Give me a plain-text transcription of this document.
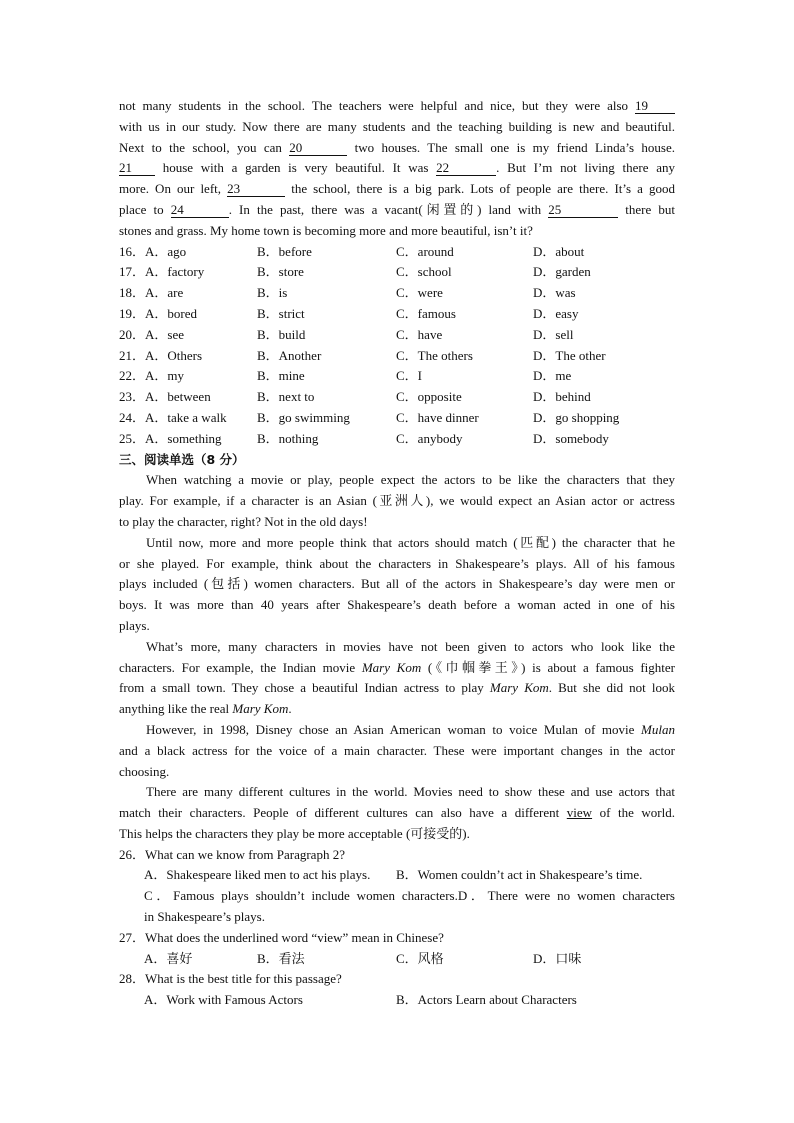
not many students in the school. The teachers were helpful and nice, but they were also 19
with us in our study. Now there are many students and the teaching building is new and beautiful.
Next to the school, you can 20	two houses. The small one is my friend Linda’s house.
21 house with a garden is very beautiful. It was 22	. But I’m not living there any
more. On our left, 23	the school, there is a big park. Lots of people are there. It’s a good
place to 24	. In the past, there was a vacant(闲置的) land with 25	there but
stones and grass. My home town is becoming more and more beautiful, isn’t it?
16．A．ago	B．before	C．around	D．about
17．A．factory	B．store	C．school	D．garden
18．A．are	B．is	C．were	D．was
19．A．bored	B．strict	C．famous	D．easy
20．A．see	B．build	C．have	D．sell
21．A．Others	B．Another	C．The others	D．The other
22．A．my	B．mine	C．I	D．me
23．A．between	B．next to	C．opposite	D．behind
24．A．take a walk B．go swimming	C．have dinner	D．go shopping
25．A．something	B．nothing	C．anybody	D．somebody
三、阅读单选（8 分）
When watching a movie or play, people expect the actors to be like the characters that they
play. For example, if a character is an Asian (亚洲人), we would expect an Asian actor or actress
to play the character, right? Not in the old days!
Until now, more and more people think that actors should match (匹配) the character that he
or she played. For example, think about the characters in Shakespeare’s plays. All of his famous
plays included (包括) women characters. But all of the actors in Shakespeare’s day were men or
boys. It was more than 40 years after Shakespeare’s death before a woman acted in one of his
plays.
What’s more, many characters in movies have not been given to actors who look like the
characters. For example, the Indian movie Mary Kom (《巾帼拳王》) is about a famous fighter
from a small town. They chose a beautiful Indian actress to play Mary Kom. But she did not look
anything like the real Mary Kom.
However, in 1998, Disney chose an Asian American woman to voice Mulan of movie Mulan
and a black actress for the voice of a main character. These were important changes in the actor
choosing.
There are many different cultures in the world. Movies need to show these and use actors that
match their characters. People of different cultures can also have a different view of the world.
This helps the characters they play be more acceptable (可接受的).
26．What can we know from Paragraph 2?
A．Shakespeare liked men to act his plays. B．Women couldn’t act in Shakespeare’s time.
C．Famous plays shouldn’t include women characters.D．There were no women characters
in Shakespeare’s plays.
27．What does the underlined word “view” mean in Chinese?
A．喜好	B．看法	C．风格	D．口味
28．What is the best title for this passage?
A．Work with Famous Actors	B．Actors Learn about Characters
